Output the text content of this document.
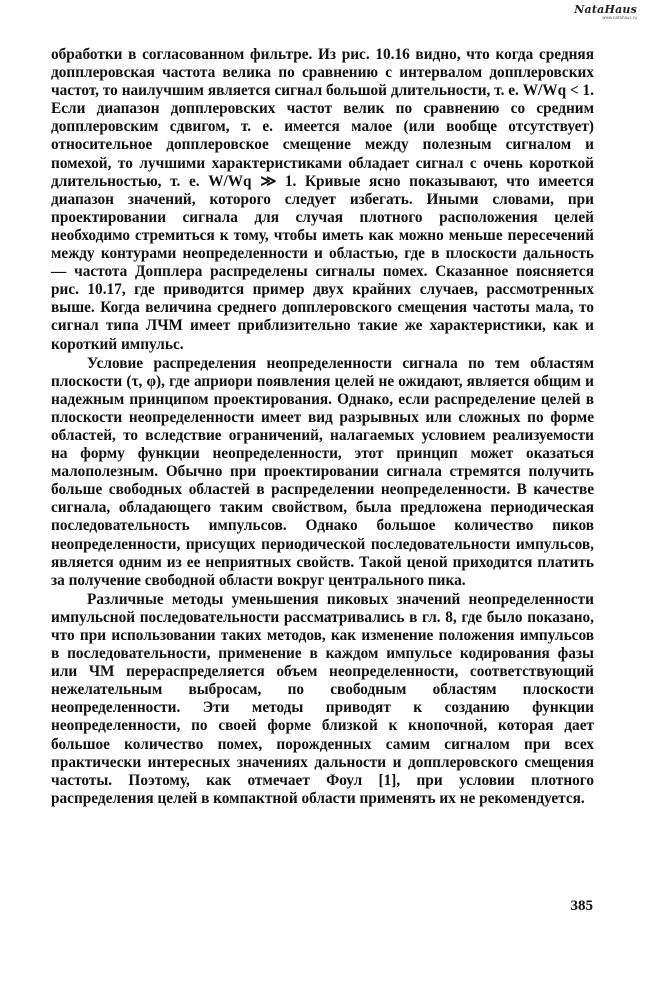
NataHaus
www.natahaus.ru

обработки в согласованном фильтре. Из рис. 10.16 видно, что когда средняя допплеровская частота велика по сравнению с интервалом допплеровских частот, то наилучшим является сигнал большой длительности, т. е. W/Wq < 1. Если диапазон допплеровских частот велик по сравнению со средним допплеровским сдвигом, т. е. имеется малое (или вообще отсутствует) относительное допплеровское смещение между полезным сигналом и помехой, то лучшими характеристиками обладает сигнал с очень короткой длительностью, т. е. W/Wq ≫ 1. Кривые ясно показывают, что имеется диапазон значений, которого следует избегать. Иными словами, при проектировании сигнала для случая плотного расположения целей необходимо стремиться к тому, чтобы иметь как можно меньше пересечений между контурами неопределенности и областью, где в плоскости дальность — частота Допплера распределены сигналы помех. Сказанное поясняется рис. 10.17, где приводится пример двух крайних случаев, рассмотренных выше. Когда величина среднего допплеровского смещения частоты мала, то сигнал типа ЛЧМ имеет приблизительно такие же характеристики, как и короткий импульс.

Условие распределения неопределенности сигнала по тем областям плоскости (τ, φ), где априори появления целей не ожидают, является общим и надежным принципом проектирования. Однако, если распределение целей в плоскости неопределенности имеет вид разрывных или сложных по форме областей, то вследствие ограничений, налагаемых условием реализуемости на форму функции неопределенности, этот принцип может оказаться малополезным. Обычно при проектировании сигнала стремятся получить больше свободных областей в распределении неопределенности. В качестве сигнала, обладающего таким свойством, была предложена периодическая последовательность импульсов. Однако большое количество пиков неопределенности, присущих периодической последовательности импульсов, является одним из ее неприятных свойств. Такой ценой приходится платить за получение свободной области вокруг центрального пика.

Различные методы уменьшения пиковых значений неопределенности импульсной последовательности рассматривались в гл. 8, где было показано, что при использовании таких методов, как изменение положения импульсов в последовательности, применение в каждом импульсе кодирования фазы или ЧМ перераспределяется объем неопределенности, соответствующий нежелательным выбросам, по свободным областям плоскости неопределенности. Эти методы приводят к созданию функции неопределенности, по своей форме близкой к кнопочной, которая дает большое количество помех, порожденных самим сигналом при всех практически интересных значениях дальности и допплеровского смещения частоты. Поэтому, как отмечает Фоул [1], при условии плотного распределения целей в компактной области применять их не рекомендуется.

385
